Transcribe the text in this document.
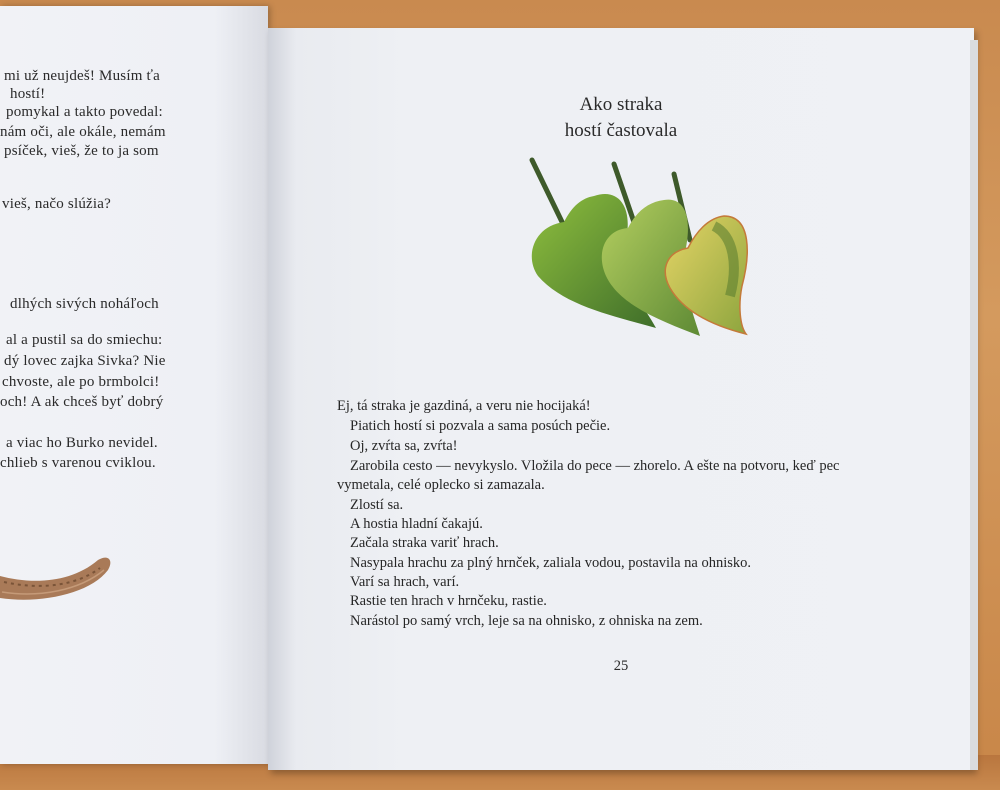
mi už neujdeš! Musím ťa
hostí!
pomykal a takto povedal:
nám oči, ale okále, nemám
psíček, vieš, že to ja som
vieš, načo slúžia?
dlhých sivých noháľoch
al a pustil sa do smiechu:
dý lovec zajka Sivka? Nie
chvoste, ale po brmbolci!
och! A ak chceš byť dobrý
a viac ho Burko nevidel.
chlieb s varenou cviklou.
Ako straka
hostí častovala
Ej, tá straka je gazdiná, a veru nie hocijaká!
Piatich hostí si pozvala a sama posúch pečie.
Oj, zvŕta sa, zvŕta!
Zarobila cesto — nevykyslo. Vložila do pece — zhorelo. A ešte na potvoru, keď pec
vymetala, celé oplecko si zamazala.
Zlostí sa.
A hostia hladní čakajú.
Začala straka variť hrach.
Nasypala hrachu za plný hrnček, zaliala vodou, postavila na ohnisko.
Varí sa hrach, varí.
Rastie ten hrach v hrnčeku, rastie.
Narástol po samý vrch, leje sa na ohnisko, z ohniska na zem.
25
